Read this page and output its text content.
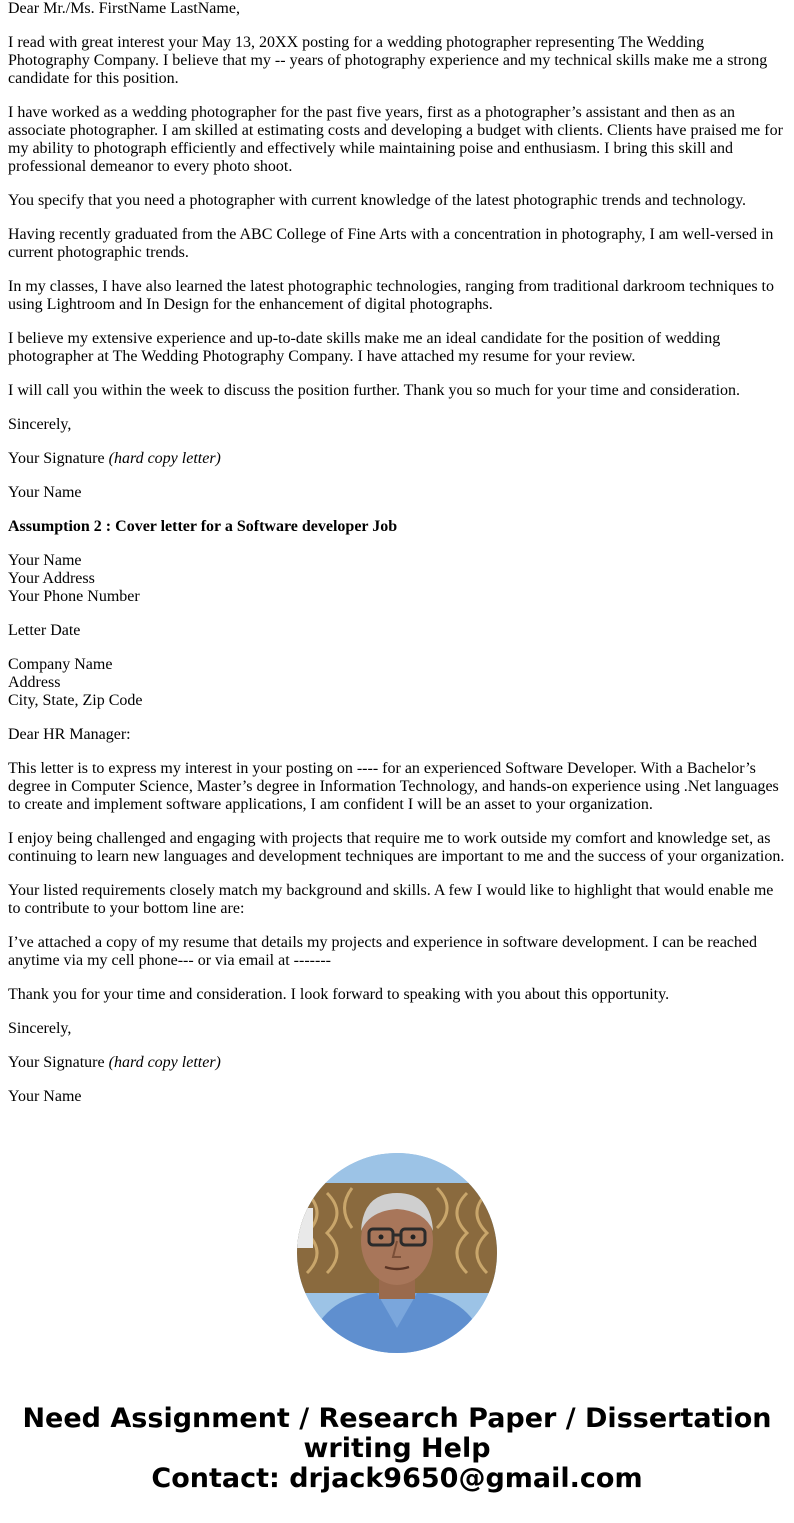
Dear Mr./Ms. FirstName LastName,

I read with great interest your May 13, 20XX posting for a wedding photographer representing The Wedding Photography Company. I believe that my -- years of photography experience and my technical skills make me a strong candidate for this position.

I have worked as a wedding photographer for the past five years, first as a photographer’s assistant and then as an associate photographer. I am skilled at estimating costs and developing a budget with clients. Clients have praised me for my ability to photograph efficiently and effectively while maintaining poise and enthusiasm. I bring this skill and professional demeanor to every photo shoot.

You specify that you need a photographer with current knowledge of the latest photographic trends and technology.

Having recently graduated from the ABC College of Fine Arts with a concentration in photography, I am well-versed in current photographic trends.

In my classes, I have also learned the latest photographic technologies, ranging from traditional darkroom techniques to using Lightroom and In Design for the enhancement of digital photographs.

I believe my extensive experience and up-to-date skills make me an ideal candidate for the position of wedding photographer at The Wedding Photography Company. I have attached my resume for your review.

I will call you within the week to discuss the position further. Thank you so much for your time and consideration.

Sincerely,

Your Signature (hard copy letter)

Your Name

Assumption 2 : Cover letter for a Software developer Job

Your Name
Your Address
Your Phone Number

Letter Date

Company Name
Address
City, State, Zip Code

Dear HR Manager:

This letter is to express my interest in your posting on ---- for an experienced Software Developer. With a Bachelor’s degree in Computer Science, Master’s degree in Information Technology, and hands-on experience using .Net languages to create and implement software applications, I am confident I will be an asset to your organization.

I enjoy being challenged and engaging with projects that require me to work outside my comfort and knowledge set, as continuing to learn new languages and development techniques are important to me and the success of your organization.

Your listed requirements closely match my background and skills. A few I would like to highlight that would enable me to contribute to your bottom line are:

I’ve attached a copy of my resume that details my projects and experience in software development. I can be reached anytime via my cell phone--- or via email at -------

Thank you for your time and consideration. I look forward to speaking with you about this opportunity.

Sincerely,

Your Signature (hard copy letter)

Your Name

Need Assignment / Research Paper / Dissertation
writing Help
Contact: drjack9650@gmail.com
